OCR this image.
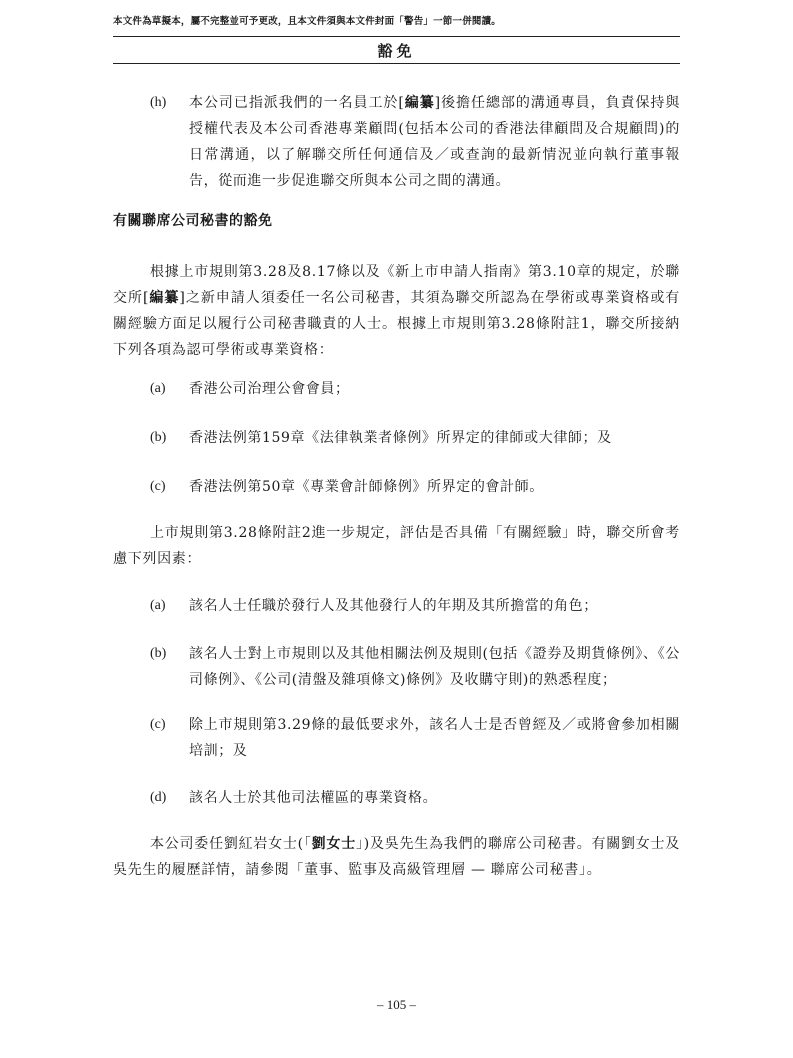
本文件為草擬本，屬不完整並可予更改，且本文件須與本文件封面「警告」一節一併閱讀。
豁免
(h) 本公司已指派我們的一名員工於[編纂]後擔任總部的溝通專員，負責保持與授權代表及本公司香港專業顧問(包括本公司的香港法律顧問及合規顧問)的日常溝通，以了解聯交所任何通信及／或查詢的最新情況並向執行董事報告，從而進一步促進聯交所與本公司之間的溝通。
有關聯席公司秘書的豁免
根據上市規則第3.28及8.17條以及《新上市申請人指南》第3.10章的規定，於聯交所[編纂]之新申請人須委任一名公司秘書，其須為聯交所認為在學術或專業資格或有關經驗方面足以履行公司秘書職責的人士。根據上市規則第3.28條附註1，聯交所接納下列各項為認可學術或專業資格：
(a) 香港公司治理公會會員；
(b) 香港法例第159章《法律執業者條例》所界定的律師或大律師；及
(c) 香港法例第50章《專業會計師條例》所界定的會計師。
上市規則第3.28條附註2進一步規定，評估是否具備「有關經驗」時，聯交所會考慮下列因素：
(a) 該名人士任職於發行人及其他發行人的年期及其所擔當的角色；
(b) 該名人士對上市規則以及其他相關法例及規則(包括《證券及期貨條例》、《公司條例》、《公司(清盤及雜項條文)條例》及收購守則)的熟悉程度；
(c) 除上市規則第3.29條的最低要求外，該名人士是否曾經及／或將會參加相關培訓；及
(d) 該名人士於其他司法權區的專業資格。
本公司委任劉紅岩女士(「劉女士」)及吳先生為我們的聯席公司秘書。有關劉女士及吳先生的履歷詳情，請參閱「董事、監事及高級管理層 — 聯席公司秘書」。
– 105 –
